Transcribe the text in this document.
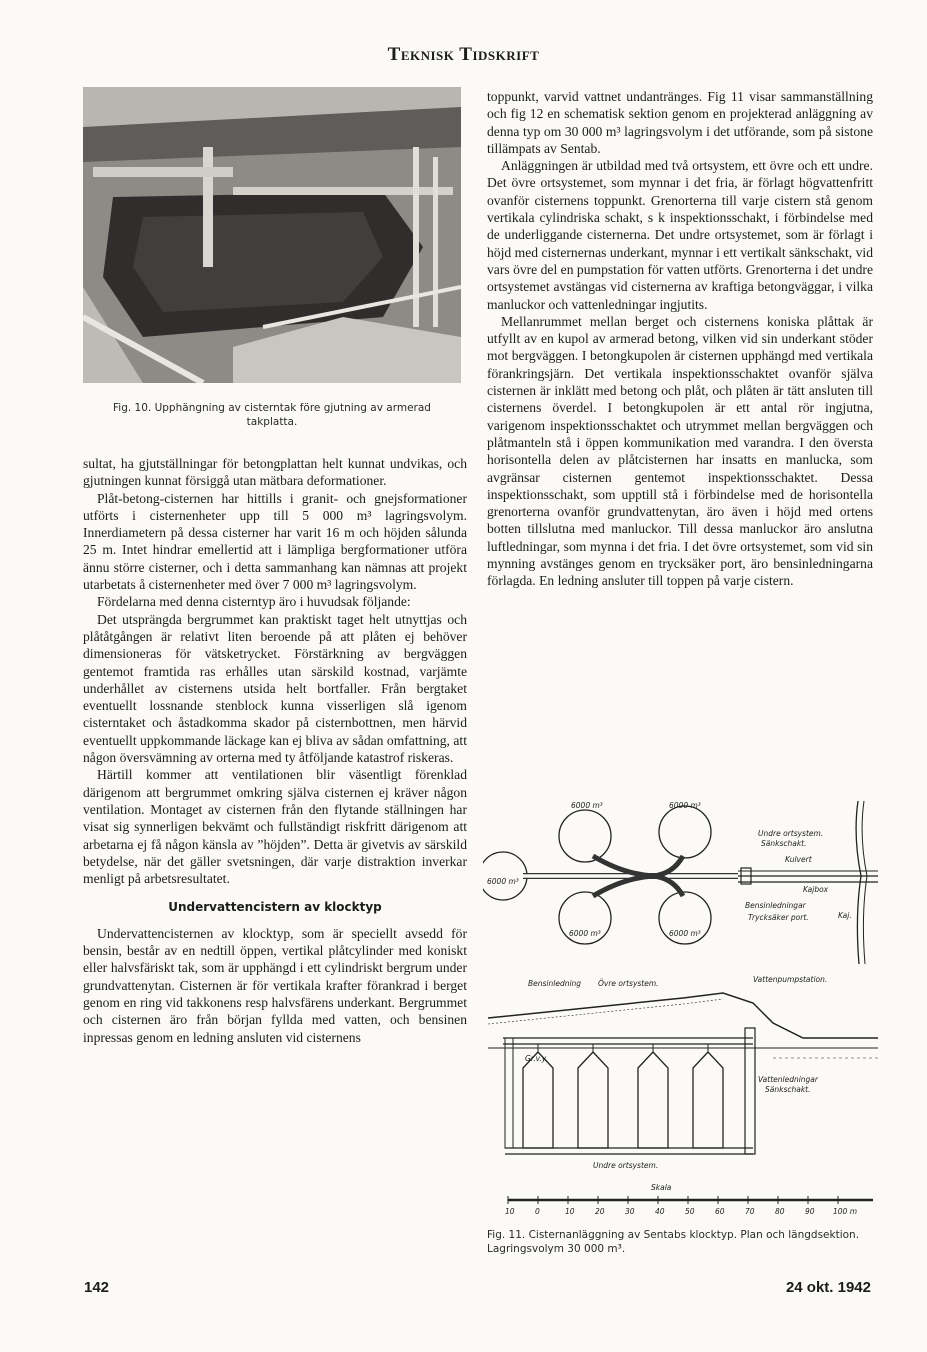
Teknisk Tidskrift
Fig. 10. Upphängning av cisterntak före gjutning av armerad takplatta.

sultat, ha gjutställningar för betongplattan helt kunnat undvikas, och gjutningen kunnat försiggå utan mätbara deformationer.

Plåt-betong-cisternen har hittills i granit- och gnejsformationer utförts i cisternenheter upp till 5 000 m³ lagringsvolym. Innerdiametern på dessa cisterner har varit 16 m och höjden sålunda 25 m. Intet hindrar emellertid att i lämpliga bergformationer utföra ännu större cisterner, och i detta sammanhang kan nämnas att projekt utarbetats å cisternenheter med över 7 000 m³ lagringsvolym.

Fördelarna med denna cisterntyp äro i huvudsak följande:

Det utsprängda bergrummet kan praktiskt taget helt utnyttjas och plåtåtgången är relativt liten beroende på att plåten ej behöver dimensioneras för vätsketrycket. Förstärkning av bergväggen gentemot framtida ras erhålles utan särskild kostnad, varjämte underhållet av cisternens utsida helt bortfaller. Från bergtaket eventuellt lossnande stenblock kunna visserligen slå igenom cisterntaket och åstadkomma skador på cisternbottnen, men härvid eventuellt uppkommande läckage kan ej bliva av sådan omfattning, att någon översvämning av orterna med ty åtföljande katastrof riskeras.

Härtill kommer att ventilationen blir väsentligt förenklad därigenom att bergrummet omkring själva cisternen ej kräver någon ventilation. Montaget av cisternen från den flytande ställningen har visat sig synnerligen bekvämt och fullständigt riskfritt därigenom att arbetarna ej få någon känsla av ”höjden”. Detta är givetvis av särskild betydelse, när det gäller svetsningen, där varje distraktion inverkar menligt på arbetsresultatet.

Undervattencistern av klocktyp

Undervattencisternen av klocktyp, som är speciellt avsedd för bensin, består av en nedtill öppen, vertikal plåtcylinder med koniskt eller halvsfäriskt tak, som är upphängd i ett cylindriskt bergrum under grundvattenytan. Cisternen är för vertikala krafter förankrad i berget genom en ring vid takkonens resp halvsfärens underkant. Bergrummet och cisternen äro från början fyllda med vatten, och bensinen inpressas genom en ledning ansluten vid cisternens

toppunkt, varvid vattnet undantränges. Fig 11 visar sammanställning och fig 12 en schematisk sektion genom en projekterad anläggning av denna typ om 30 000 m³ lagringsvolym i det utförande, som på sistone tillämpats av Sentab.

Anläggningen är utbildad med två ortsystem, ett övre och ett undre. Det övre ortsystemet, som mynnar i det fria, är förlagt högvattenfritt ovanför cisternens toppunkt. Grenorterna till varje cistern stå genom vertikala cylindriska schakt, s k inspektionsschakt, i förbindelse med de underliggande cisternerna. Det undre ortsystemet, som är förlagt i höjd med cisternernas underkant, mynnar i ett vertikalt sänkschakt, vid vars övre del en pumpstation för vatten utförts. Grenorterna i det undre ortsystemet avstängas vid cisternerna av kraftiga betongväggar, i vilka manluckor och vattenledningar ingjutits.

Mellanrummet mellan berget och cisternens koniska plåttak är utfyllt av en kupol av armerad betong, vilken vid sin underkant stöder mot bergväggen. I betongkupolen är cisternen upphängd med vertikala förankringsjärn. Det vertikala inspektionsschaktet ovanför själva cisternen är inklätt med betong och plåt, och plåten är tätt ansluten till cisternens överdel. I betongkupolen är ett antal rör ingjutna, varigenom inspektionsschaktet och utrymmet mellan bergväggen och plåtmanteln stå i öppen kommunikation med varandra. I den översta horisontella delen av plåtcisternen har insatts en manlucka, som avgränsar cisternen gentemot inspektionsschaktet. Dessa inspektionsschakt, som upptill stå i förbindelse med de horisontella grenorterna ovanför grundvattenytan, äro även i höjd med ortens botten tillslutna med manluckor. Till dessa manluckor äro anslutna luftledningar, som mynna i det fria. I det övre ortsystemet, som vid sin mynning avstänges genom en trycksäker port, äro bensinledningarna förlagda. En ledning ansluter till toppen på varje cistern.

6000 m³	6000 m³
6000 m³
6000 m³	6000 m³
Undre ortsystem.
Sänkschakt.
Kulvert
Kajbox
Bensinledningar
Trycksäker port.	Kaj.
Bensinledning Övre ortsystem.	Vattenpumpstation.
Gr.v.y.
Vattenledningar
Sänkschakt.
Undre ortsystem.
Skala
10	0	10	20	30	40	50	60	70	80	90 100 m
Fig. 11. Cisternanläggning av Sentabs klocktyp. Plan och längdsektion. Lagringsvolym 30 000 m³.
142	24 okt. 1942
